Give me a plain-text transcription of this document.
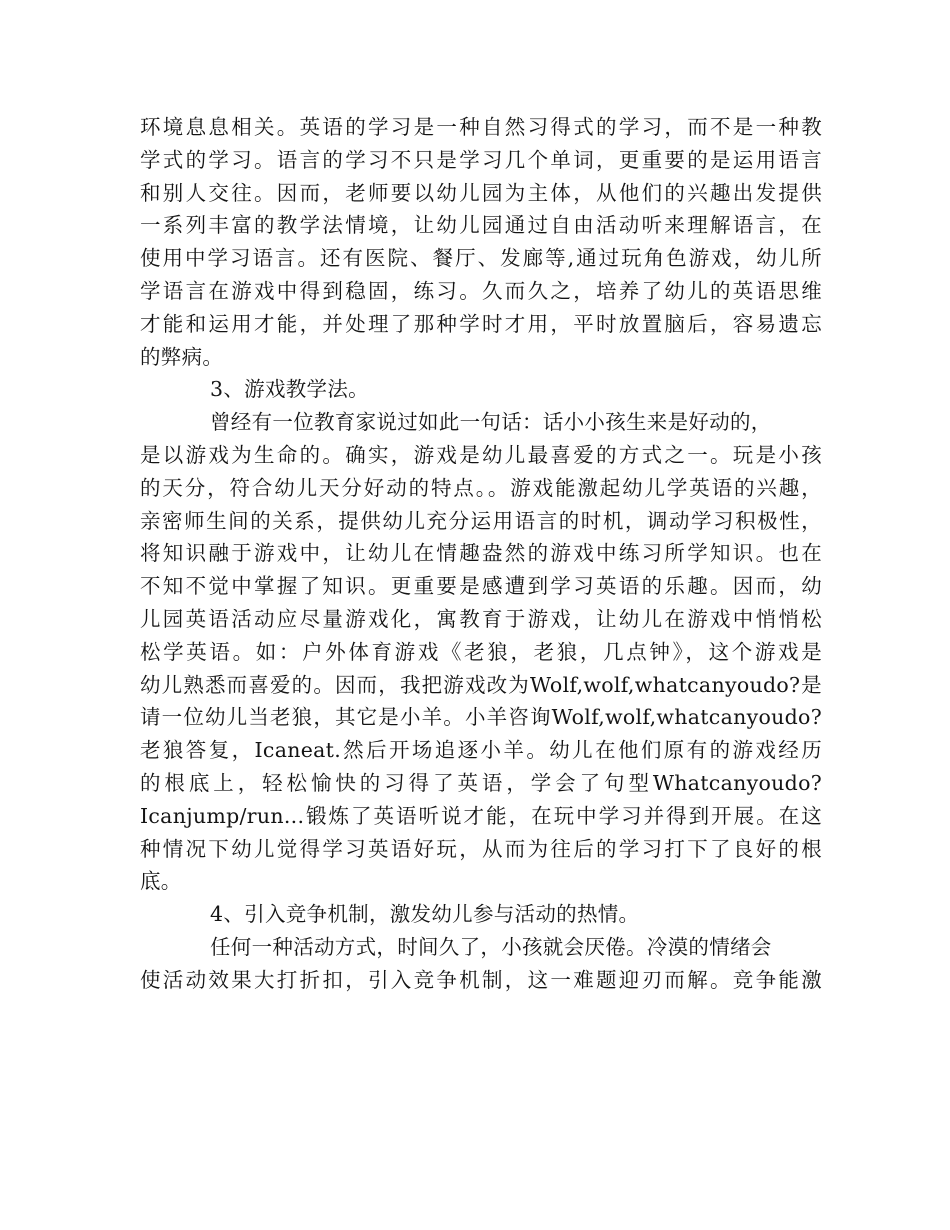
环境息息相关。英语的学习是一种自然习得式的学习，而不是一种教
学式的学习。语言的学习不只是学习几个单词，更重要的是运用语言
和别人交往。因而，老师要以幼儿园为主体，从他们的兴趣出发提供
一系列丰富的教学法情境，让幼儿园通过自由活动听来理解语言，在
使用中学习语言。还有医院、餐厅、发廊等,通过玩角色游戏，幼儿所
学语言在游戏中得到稳固，练习。久而久之，培养了幼儿的英语思维
才能和运用才能，并处理了那种学时才用，平时放置脑后，容易遗忘
的弊病。
3、游戏教学法。
曾经有一位教育家说过如此一句话：话小小孩生来是好动的，
是以游戏为生命的。确实，游戏是幼儿最喜爱的方式之一。玩是小孩
的天分，符合幼儿天分好动的特点。。游戏能激起幼儿学英语的兴趣，
亲密师生间的关系，提供幼儿充分运用语言的时机，调动学习积极性，
将知识融于游戏中，让幼儿在情趣盎然的游戏中练习所学知识。也在
不知不觉中掌握了知识。更重要是感遭到学习英语的乐趣。因而，幼
儿园英语活动应尽量游戏化，寓教育于游戏，让幼儿在游戏中悄悄松
松学英语。如：户外体育游戏《老狼，老狼，几点钟》，这个游戏是
幼儿熟悉而喜爱的。因而，我把游戏改为Wolf,wolf,whatcanyoudo?是
请一位幼儿当老狼，其它是小羊。小羊咨询Wolf,wolf,whatcanyoudo?
老狼答复，Icaneat.然后开场追逐小羊。幼儿在他们原有的游戏经历
的根底上，轻松愉快的习得了英语，学会了句型Whatcanyoudo?
Icanjump/run...锻炼了英语听说才能，在玩中学习并得到开展。在这
种情况下幼儿觉得学习英语好玩，从而为往后的学习打下了良好的根
底。
4、引入竞争机制，激发幼儿参与活动的热情。
任何一种活动方式，时间久了，小孩就会厌倦。冷漠的情绪会
使活动效果大打折扣，引入竞争机制，这一难题迎刃而解。竞争能激
